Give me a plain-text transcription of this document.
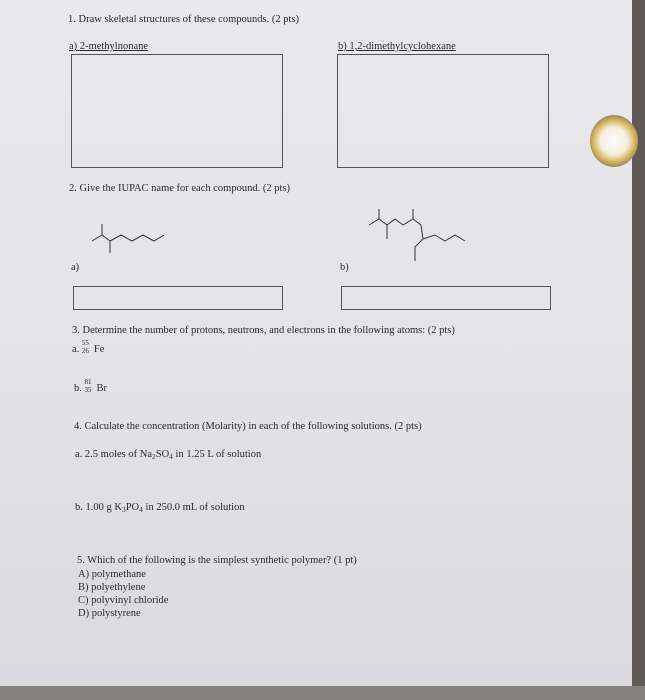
1. Draw skeletal structures of these compounds. (2 pts)
a) 2-methylnonane	b) 1,2-dimethylcyclohexane
2. Give the IUPAC name for each compound. (2 pts)
a)	b)
3. Determine the number of protons, neutrons, and electrons in the following atoms: (2 pts)
a.
55
26 Fe
b.
81
35 Br
4. Calculate the concentration (Molarity) in each of the following solutions. (2 pts)
a. 2.5 moles of $Na_2SO_4$ in 1.25 L of solution
b. 1.00 g $K_3PO_4$ in 250.0 mL of solution
5. Which of the following is the simplest synthetic polymer? (1 pt)
A) polymethane
B) polyethylene
C) polyvinyl chloride
D) polystyrene
